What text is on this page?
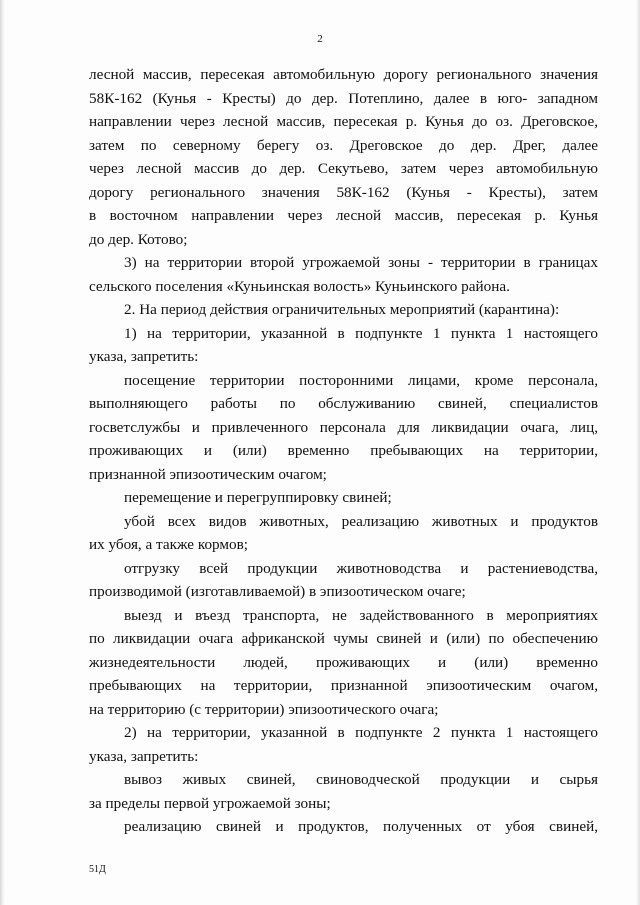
2
лесной массив, пересекая автомобильную дорогу регионального значения
58К-162 (Кунья - Кресты) до дер. Потеплино, далее в юго- западном
направлении через лесной массив, пересекая р. Кунья до оз. Дреговское,
затем по северному берегу оз. Дреговское до дер. Дрег, далее
через лесной массив до дер. Секутьево, затем через автомобильную
дорогу регионального значения 58К-162 (Кунья - Кресты), затем
в восточном направлении через лесной массив, пересекая р. Кунья
до дер. Котово;
3) на территории второй угрожаемой зоны - территории в границах
сельского поселения «Куньинская волость» Куньинского района.
2. На период действия ограничительных мероприятий (карантина):
1) на территории, указанной в подпункте 1 пункта 1 настоящего
указа, запретить:
посещение территории посторонними лицами, кроме персонала,
выполняющего работы по обслуживанию свиней, специалистов
госветслужбы и привлеченного персонала для ликвидации очага, лиц,
проживающих и (или) временно пребывающих на территории,
признанной эпизоотическим очагом;
перемещение и перегруппировку свиней;
убой всех видов животных, реализацию животных и продуктов
их убоя, а также кормов;
отгрузку всей продукции животноводства и растениеводства,
производимой (изготавливаемой) в эпизоотическом очаге;
выезд и въезд транспорта, не задействованного в мероприятиях
по ликвидации очага африканской чумы свиней и (или) по обеспечению
жизнедеятельности людей, проживающих и (или) временно
пребывающих на территории, признанной эпизоотическим очагом,
на территорию (с территории) эпизоотического очага;
2) на территории, указанной в подпункте 2 пункта 1 настоящего
указа, запретить:
вывоз живых свиней, свиноводческой продукции и сырья
за пределы первой угрожаемой зоны;
реализацию свиней и продуктов, полученных от убоя свиней,
51Д
